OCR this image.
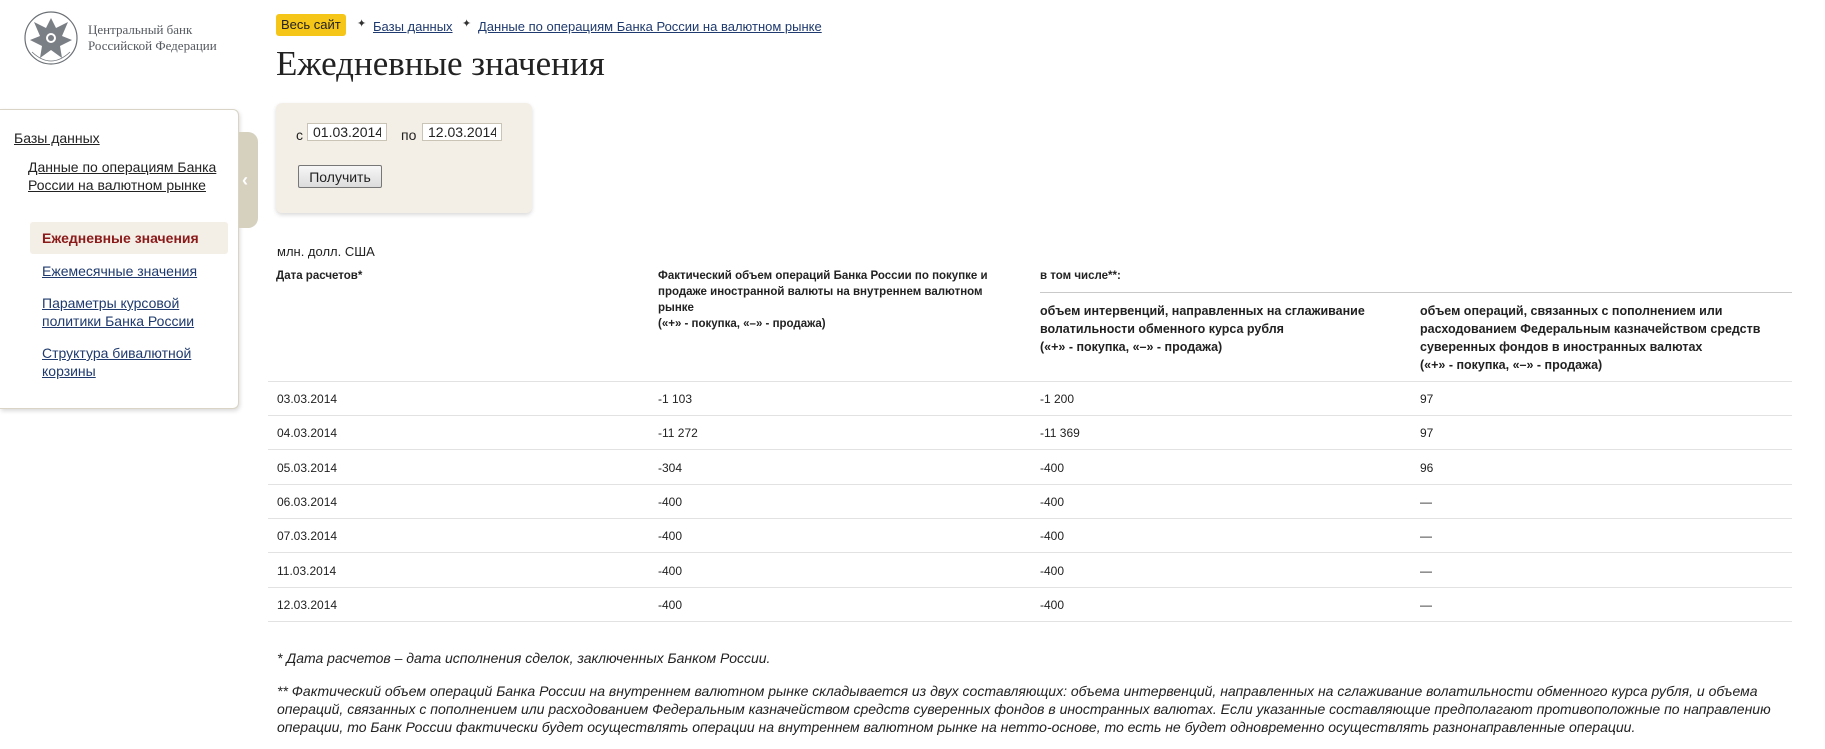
Центральный банк
Российской Федерации
Весь сайт	✦ Базы данных ✦ Данные по операциям Банка России на валютном рынке
Ежедневные значения
‹
Базы данных
Данные по операциям Банка России на валютном рынке
Ежедневные значения
Ежемесячные значения
Параметры курсовой политики Банка России
Структура бивалютной корзины
с
01.03.2014	по
12.03.2014
Получить
млн. долл. США
Дата расчетов*	Фактический объем операций Банка России по покупке и продаже иностранной валюты на внутреннем валютном рынке
(«+» - покупка, «–» - продажа)
в том числе**:
объем интервенций, направленных на сглаживание волатильности обменного курса рубля
(«+» - покупка, «–» - продажа)
объем операций, связанных с пополнением или расходованием Федеральным казначейством средств суверенных фондов в иностранных валютах
(«+» - покупка, «–» - продажа)
03.03.2014	-1 103	-1 200	97
04.03.2014	-11 272	-11 369	97
05.03.2014	-304	-400	96
06.03.2014	-400	-400	—
07.03.2014	-400	-400	—
11.03.2014	-400	-400	—
12.03.2014	-400	-400	—
* Дата расчетов – дата исполнения сделок, заключенных Банком России.
** Фактический объем операций Банка России на внутреннем валютном рынке складывается из двух составляющих: объема интервенций, направленных на сглаживание волатильности обменного курса рубля, и объема операций, связанных с пополнением или расходованием Федеральным казначейством средств суверенных фондов в иностранных валютах. Если указанные составляющие предполагают противоположные по направлению операции, то Банк России фактически будет осуществлять операции на внутреннем валютном рынке на нетто-основе, то есть не будет одновременно осуществлять разнонаправленные операции.
